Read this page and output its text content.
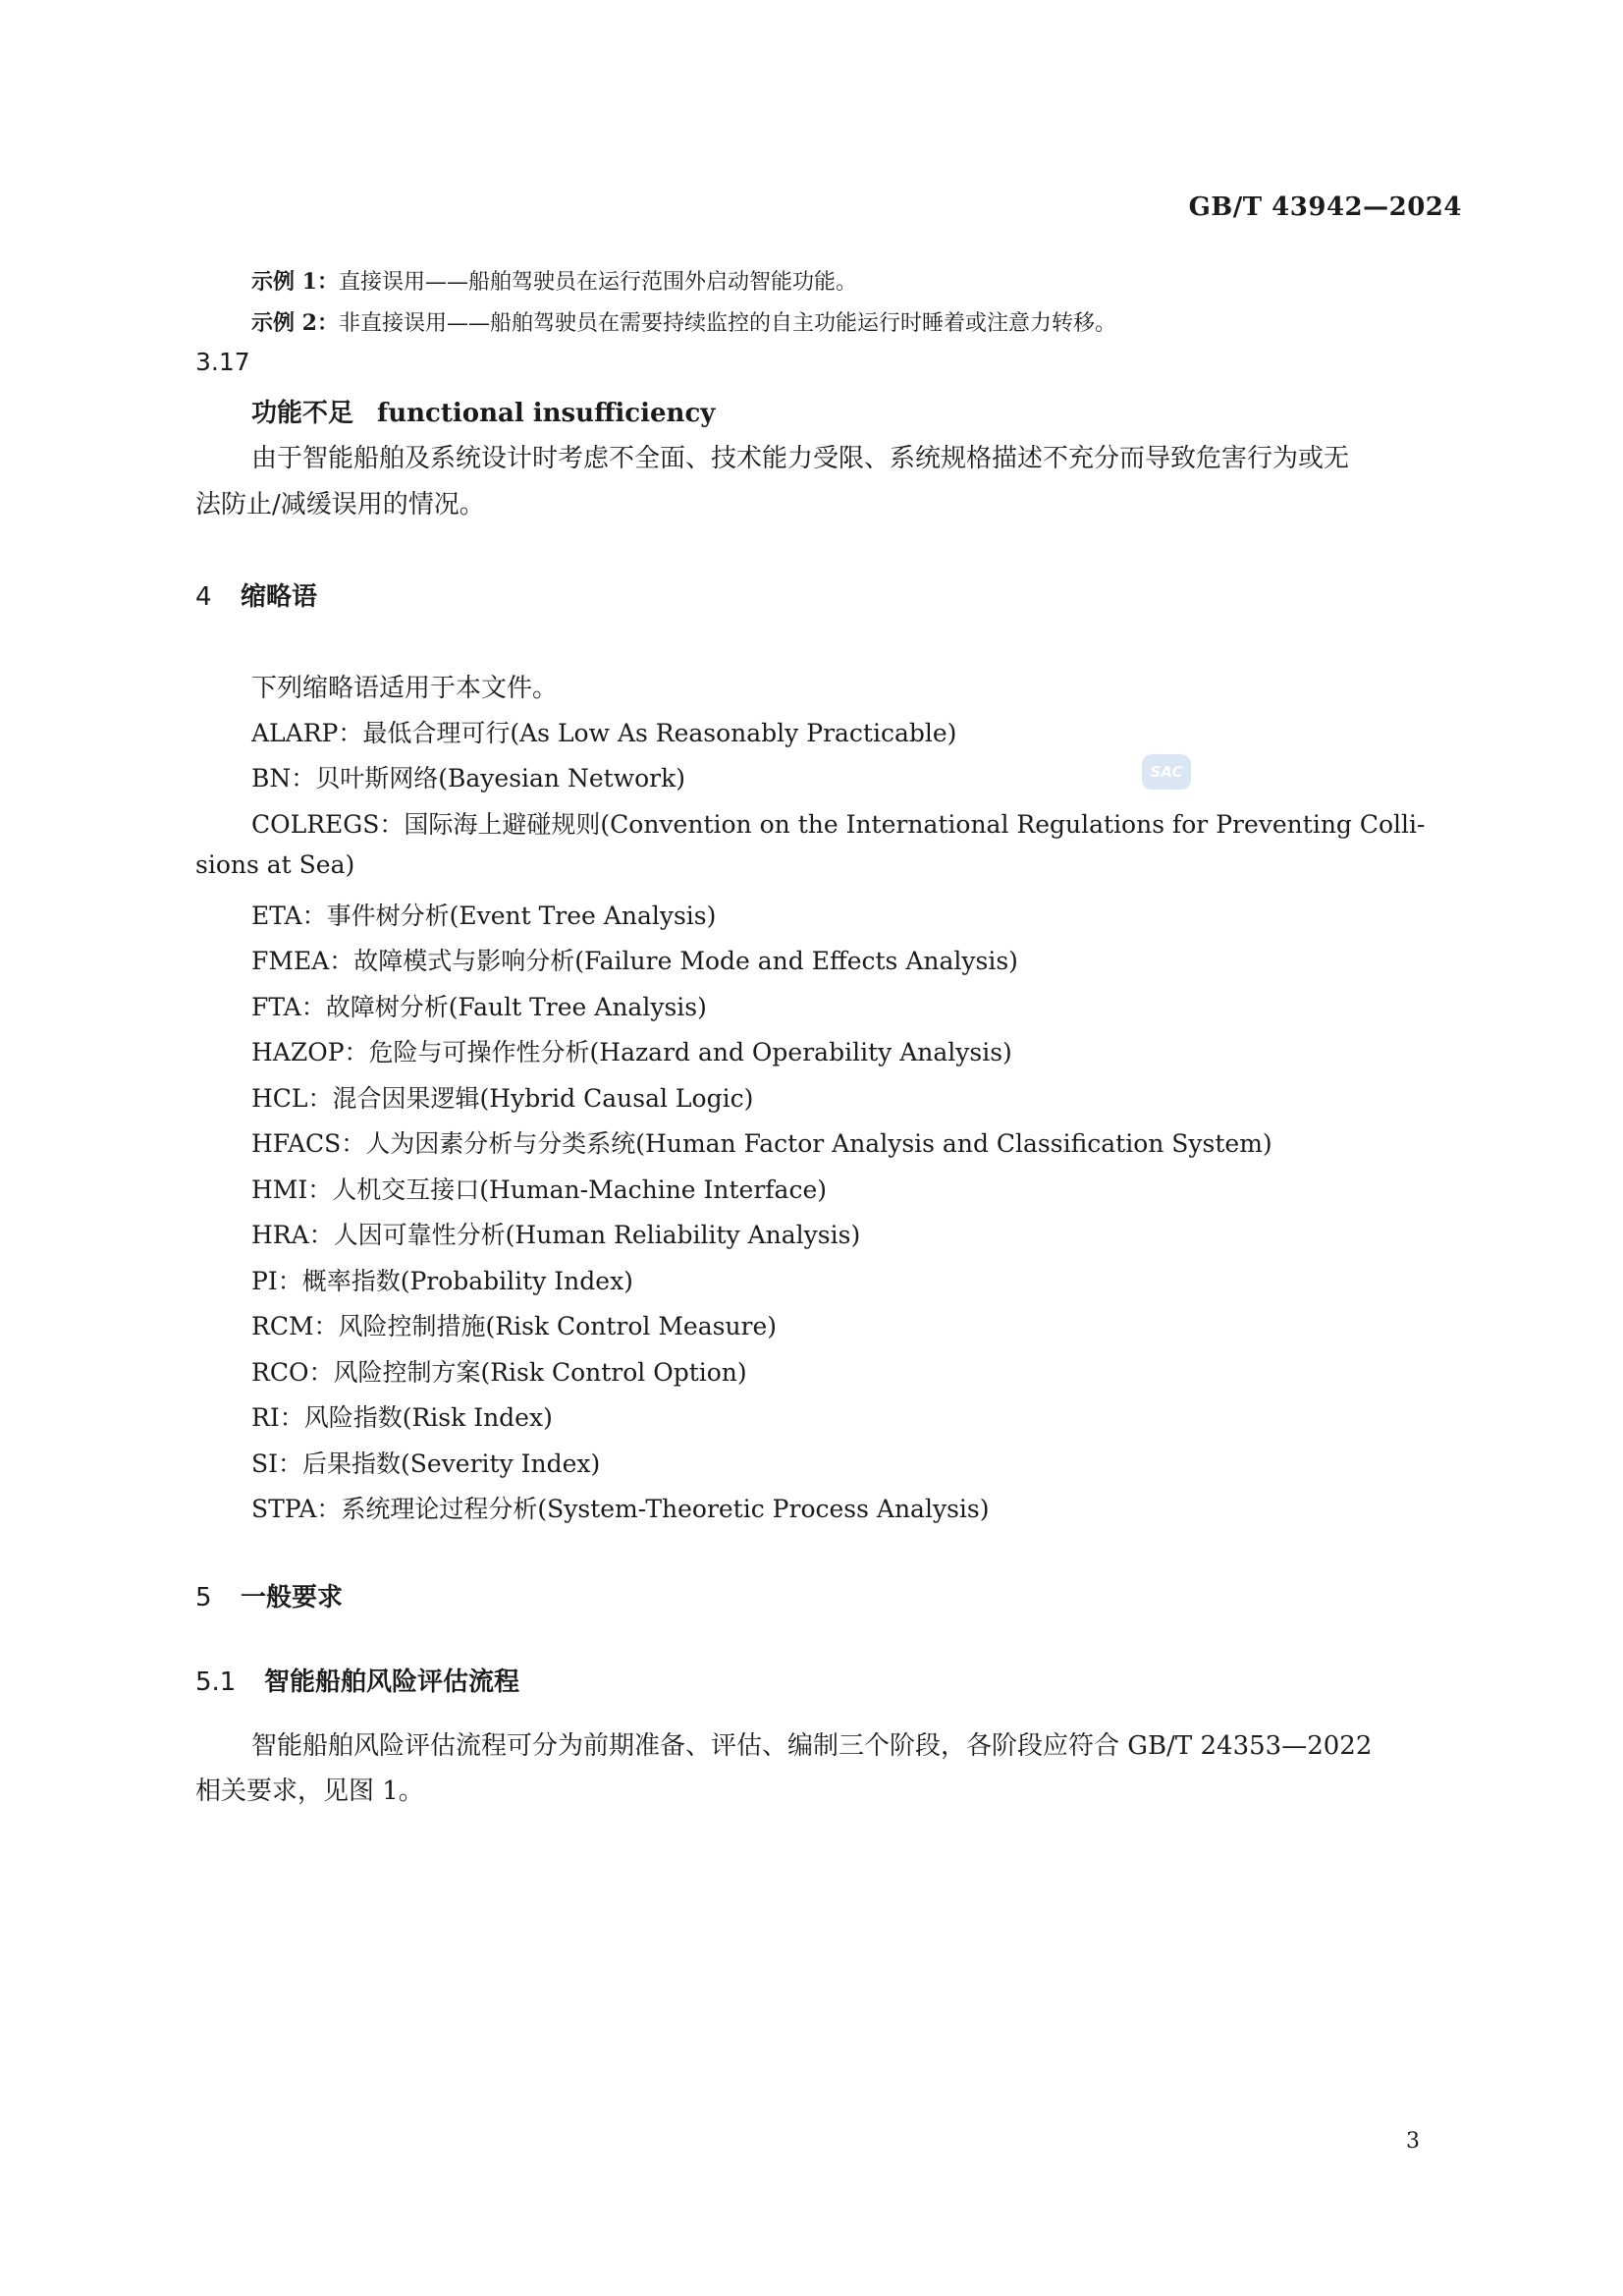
GB/T 43942—2024
示例 1：直接误用——船舶驾驶员在运行范围外启动智能功能。
示例 2：非直接误用——船舶驾驶员在需要持续监控的自主功能运行时睡着或注意力转移。
3.17
功能不足 functional insufficiency
由于智能船舶及系统设计时考虑不全面、技术能力受限、系统规格描述不充分而导致危害行为或无
法防止/减缓误用的情况。
4 缩略语
下列缩略语适用于本文件。
ALARP：最低合理可行(As Low As Reasonably Practicable)
BN：贝叶斯网络(Bayesian Network)
COLREGS：国际海上避碰规则(Convention on the International Regulations for Preventing Colli-
sions at Sea)
ETA：事件树分析(Event Tree Analysis)
FMEA：故障模式与影响分析(Failure Mode and Effects Analysis)
FTA：故障树分析(Fault Tree Analysis)
HAZOP：危险与可操作性分析(Hazard and Operability Analysis)
HCL：混合因果逻辑(Hybrid Causal Logic)
HFACS：人为因素分析与分类系统(Human Factor Analysis and Classification System)
HMI：人机交互接口(Human-Machine Interface)
HRA：人因可靠性分析(Human Reliability Analysis)
PI：概率指数(Probability Index)
RCM：风险控制措施(Risk Control Measure)
RCO：风险控制方案(Risk Control Option)
RI：风险指数(Risk Index)
SI：后果指数(Severity Index)
STPA：系统理论过程分析(System-Theoretic Process Analysis)
5 一般要求
5.1 智能船舶风险评估流程
智能船舶风险评估流程可分为前期准备、评估、编制三个阶段，各阶段应符合 GB/T 24353—2022
相关要求，见图 1。
SAC
3
